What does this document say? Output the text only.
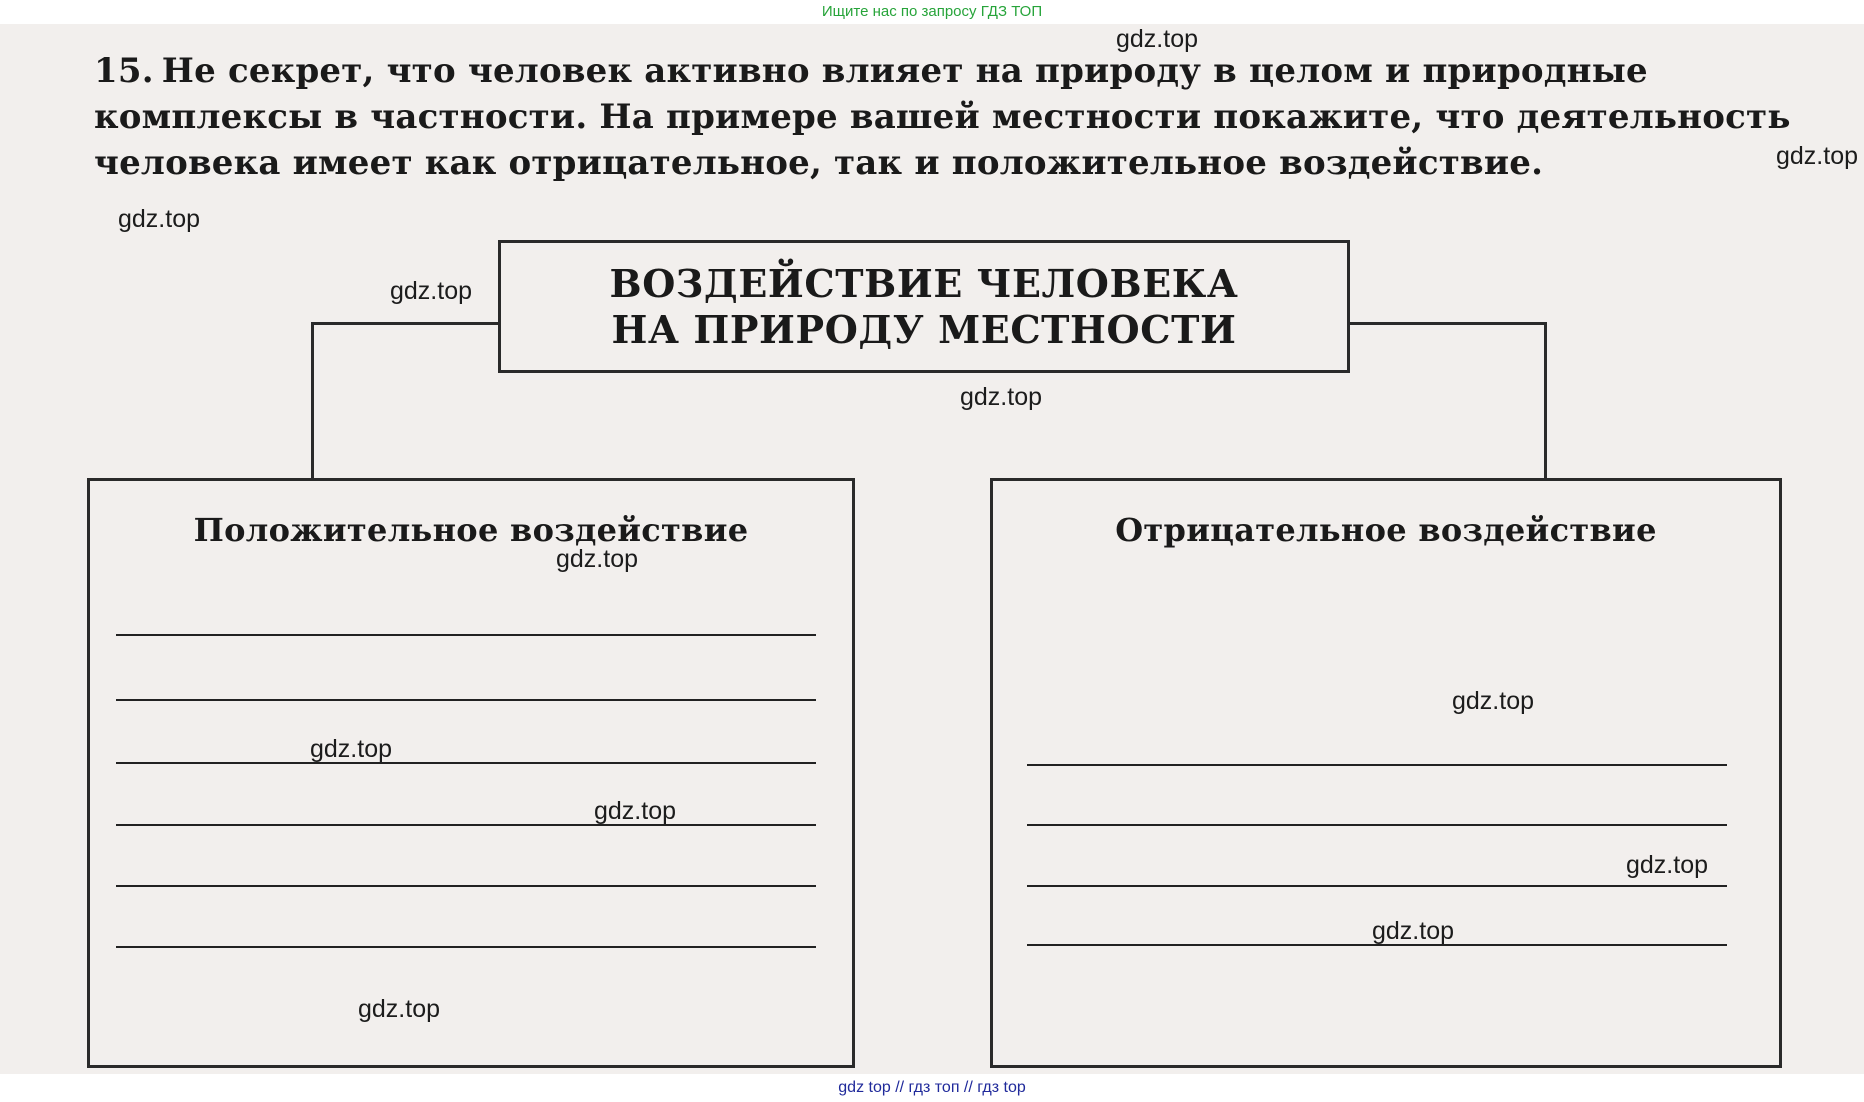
Ищите нас по запросу ГДЗ ТОП

15. Не секрет, что человек активно влияет на природу в целом и природные комплексы в частности. На примере вашей местности покажите, что деятельность человека имеет как отрицательное, так и положительное воздействие.

ВОЗДЕЙСТВИЕ ЧЕЛОВЕКА
НА ПРИРОДУ МЕСТНОСТИ
Положительное воздействие	Отрицательное воздействие
gdz.top
gdz.top
gdz.top
gdz.top
gdz.top
gdz.top
gdz.top
gdz.top
gdz.top
gdz.top
gdz.top
gdz.top
gdz top // гдз топ // гдз top
